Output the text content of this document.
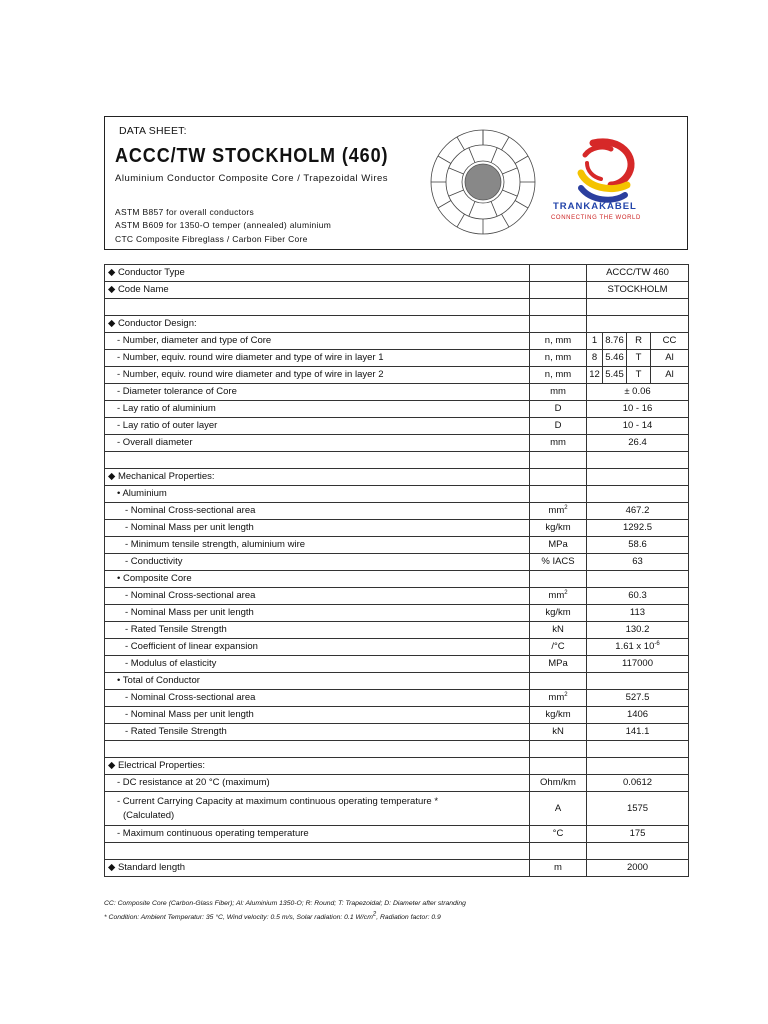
DATA SHEET:
ACCC/TW STOCKHOLM (460)
Aluminium Conductor Composite Core / Trapezoidal Wires
ASTM B857 for overall conductors
ASTM B609 for 1350-O temper (annealed) aluminium
CTC Composite Fibreglass / Carbon Fiber Core
TRANKAKABEL
CONNECTING THE WORLD
◆ Conductor Type		ACCC/TW 460			
◆ Code Name		STOCKHOLM			

◆ Conductor Design:					
- Number, diameter and type of Core	n, mm	1	8.76	R	CC
- Number, equiv. round wire diameter and type of wire in layer 1	n, mm	8	5.46	T	Al
- Number, equiv. round wire diameter and type of wire in layer 2	n, mm	12	5.45	T	Al
- Diameter tolerance of Core	mm	± 0.06			
- Lay ratio of aluminium	D	10 - 16			
- Lay ratio of outer layer	D	10 - 14			
- Overall diameter	mm	26.4			

◆ Mechanical Properties:					
• Aluminium					
- Nominal Cross-sectional area	$mm^2$	467.2			
- Nominal Mass per unit length	kg/km	1292.5			
- Minimum tensile strength, aluminium wire	MPa	58.6			
- Conductivity	% IACS	63			
• Composite Core					
- Nominal Cross-sectional area	$mm^2$	60.3			
- Nominal Mass per unit length	kg/km	113			
- Rated Tensile Strength	kN	130.2			
- Coefficient of linear expansion	/°C	1.61 x $10^{-6}$
- Modulus of elasticity	MPa	117000			
• Total of Conductor					
- Nominal Cross-sectional area	$mm^2$	527.5			
- Nominal Mass per unit length	kg/km	1406			
- Rated Tensile Strength	kN	141.1			

◆ Electrical Properties:					
- DC resistance at 20 °C (maximum)	Ohm/km	0.0612			

- Current Carrying Capacity at maximum continuous operating temperature *
(Calculated)	A	1575			
- Maximum continuous operating temperature	°C	175			

◆ Standard length	m	2000			
CC: Composite Core (Carbon-Glass Fiber); Al: Aluminium 1350-O; R: Round; T: Trapezoidal; D: Diameter after stranding
* Condition: Ambient Temperatur: 35 °C, Wind velocity: 0.5 m/s, Solar radiation: 0.1 $W/cm^2$, Radiation factor: 0.9
